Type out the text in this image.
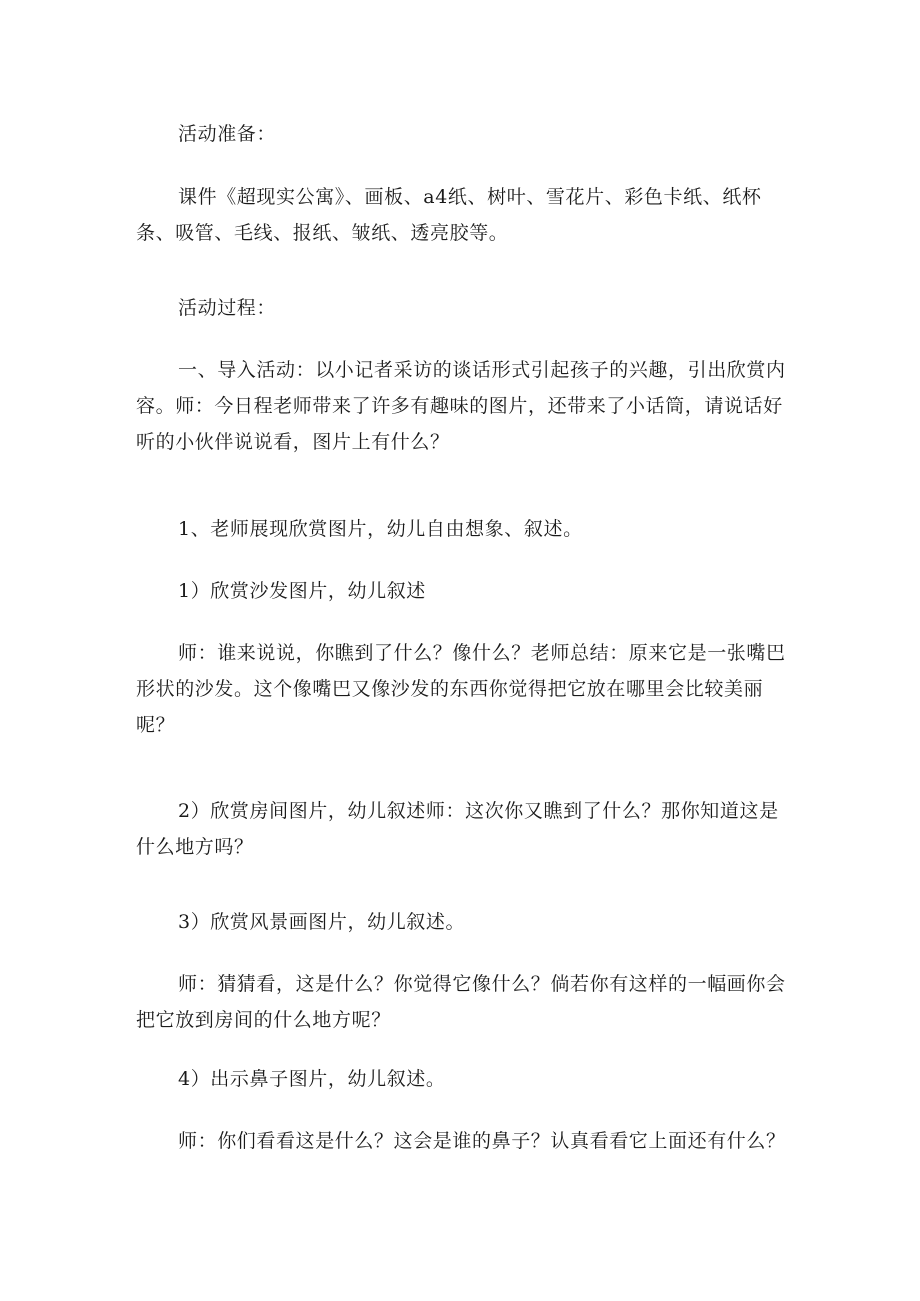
活动准备：

课件《超现实公寓》、画板、a4纸、树叶、雪花片、彩色卡纸、纸杯条、吸管、毛线、报纸、皱纸、透亮胶等。

活动过程：

一、导入活动：以小记者采访的谈话形式引起孩子的兴趣，引出欣赏内容。师：今日程老师带来了许多有趣味的图片，还带来了小话筒，请说话好听的小伙伴说说看，图片上有什么？

1、老师展现欣赏图片，幼儿自由想象、叙述。

1）欣赏沙发图片，幼儿叙述

师：谁来说说，你瞧到了什么？像什么？老师总结：原来它是一张嘴巴形状的沙发。这个像嘴巴又像沙发的东西你觉得把它放在哪里会比较美丽呢？

2）欣赏房间图片，幼儿叙述师：这次你又瞧到了什么？那你知道这是什么地方吗？

3）欣赏风景画图片，幼儿叙述。

师：猜猜看，这是什么？你觉得它像什么？倘若你有这样的一幅画你会把它放到房间的什么地方呢？

4）出示鼻子图片，幼儿叙述。

师：你们看看这是什么？这会是谁的鼻子？认真看看它上面还有什么？
